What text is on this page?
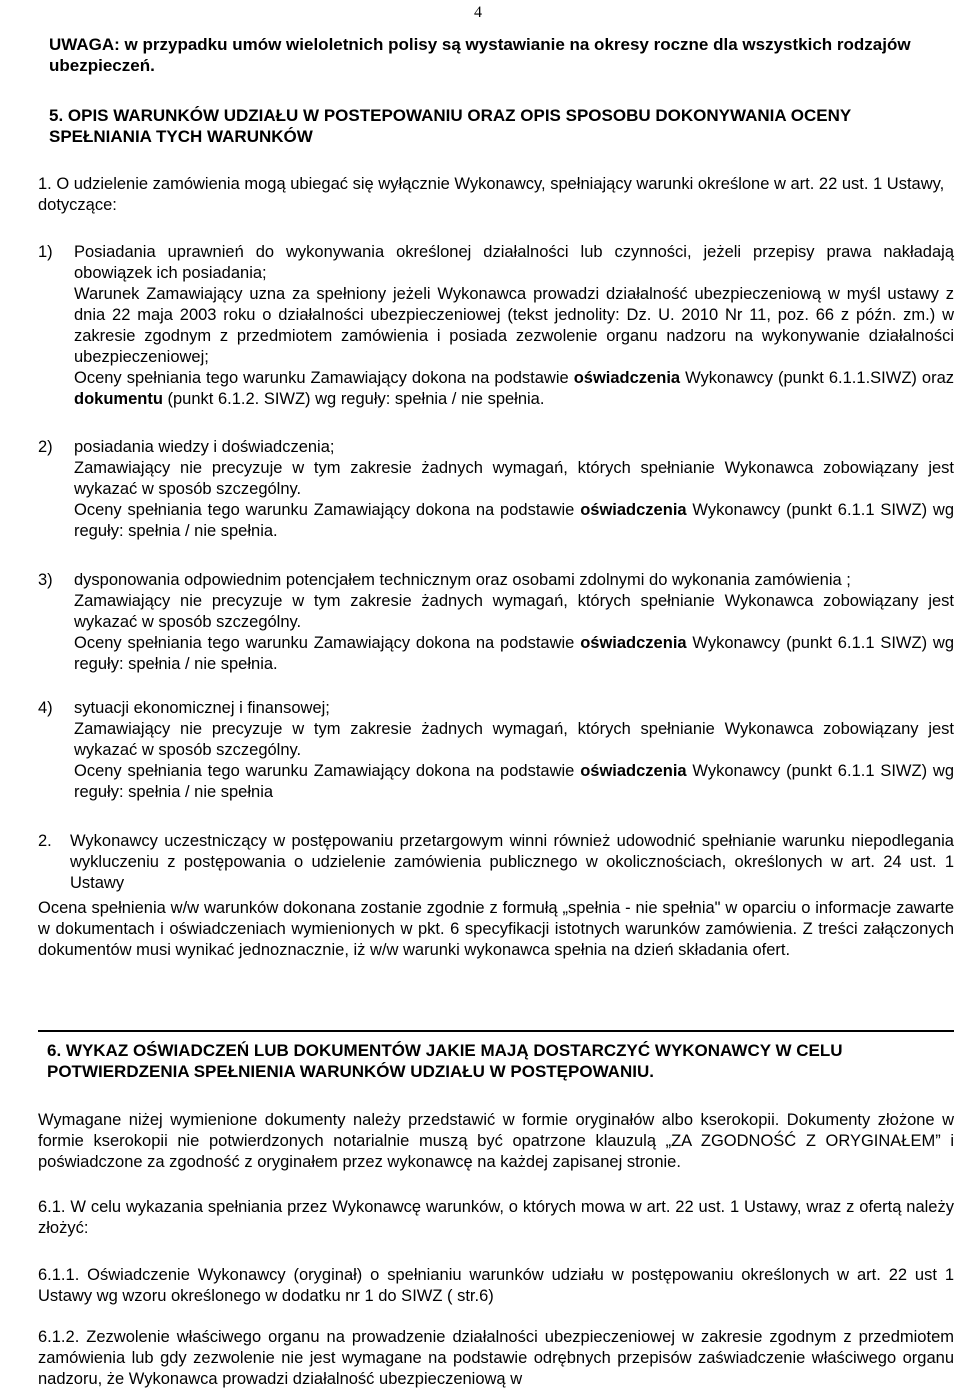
4
UWAGA: w przypadku umów wieloletnich polisy są wystawianie na okresy roczne dla wszystkich rodzajów ubezpieczeń.
5. OPIS WARUNKÓW UDZIAŁU W POSTEPOWANIU ORAZ OPIS SPOSOBU DOKONYWANIA OCENY SPEŁNIANIA TYCH WARUNKÓW
1. O udzielenie zamówienia mogą ubiegać się wyłącznie Wykonawcy, spełniający warunki określone w art. 22 ust. 1 Ustawy, dotyczące:
1) Posiadania uprawnień do wykonywania określonej działalności lub czynności, jeżeli przepisy prawa nakładają obowiązek ich posiadania;
Warunek Zamawiający uzna za spełniony jeżeli Wykonawca prowadzi działalność ubezpieczeniową w myśl ustawy z dnia 22 maja 2003 roku o działalności ubezpieczeniowej (tekst jednolity: Dz. U. 2010 Nr 11, poz. 66 z późn. zm.) w zakresie zgodnym z przedmiotem zamówienia i posiada zezwolenie organu nadzoru na wykonywanie działalności ubezpieczeniowej;
Oceny spełniania tego warunku Zamawiający dokona na podstawie oświadczenia Wykonawcy (punkt 6.1.1.SIWZ) oraz dokumentu (punkt 6.1.2. SIWZ) wg reguły: spełnia / nie spełnia.
2) posiadania wiedzy i doświadczenia;
Zamawiający nie precyzuje w tym zakresie żadnych wymagań, których spełnianie Wykonawca zobowiązany jest wykazać w sposób szczególny.
Oceny spełniania tego warunku Zamawiający dokona na podstawie oświadczenia Wykonawcy (punkt 6.1.1 SIWZ) wg reguły: spełnia / nie spełnia.
3) dysponowania odpowiednim potencjałem technicznym oraz osobami zdolnymi do wykonania zamówienia ;
Zamawiający nie precyzuje w tym zakresie żadnych wymagań, których spełnianie Wykonawca zobowiązany jest wykazać w sposób szczególny.
Oceny spełniania tego warunku Zamawiający dokona na podstawie oświadczenia Wykonawcy (punkt 6.1.1 SIWZ) wg reguły: spełnia / nie spełnia.
4) sytuacji ekonomicznej i finansowej;
Zamawiający nie precyzuje w tym zakresie żadnych wymagań, których spełnianie Wykonawca zobowiązany jest wykazać w sposób szczególny.
Oceny spełniania tego warunku Zamawiający dokona na podstawie oświadczenia Wykonawcy (punkt 6.1.1 SIWZ) wg reguły: spełnia / nie spełnia
2. Wykonawcy uczestniczący w postępowaniu przetargowym winni również udowodnić spełnianie warunku niepodlegania wykluczeniu z postępowania o udzielenie zamówienia publicznego w okolicznościach, określonych w art. 24 ust. 1 Ustawy
Ocena spełnienia w/w warunków dokonana zostanie zgodnie z formułą „spełnia - nie spełnia" w oparciu o informacje zawarte w dokumentach i oświadczeniach wymienionych w pkt. 6 specyfikacji istotnych warunków zamówienia. Z treści załączonych dokumentów musi wynikać jednoznacznie, iż w/w warunki wykonawca spełnia na dzień składania ofert.
6. WYKAZ OŚWIADCZEŃ LUB DOKUMENTÓW JAKIE MAJĄ DOSTARCZYĆ WYKONAWCY W CELU POTWIERDZENIA SPEŁNIENIA WARUNKÓW UDZIAŁU W POSTĘPOWANIU.
Wymagane niżej wymienione dokumenty należy przedstawić w formie oryginałów albo kserokopii. Dokumenty złożone w formie kserokopii nie potwierdzonych notarialnie muszą być opatrzone klauzulą „ZA ZGODNOŚĆ Z ORYGINAŁEM” i poświadczone za zgodność z oryginałem przez wykonawcę na każdej zapisanej stronie.
6.1. W celu wykazania spełniania przez Wykonawcę warunków, o których mowa w art. 22 ust. 1 Ustawy, wraz z ofertą należy złożyć:
6.1.1. Oświadczenie Wykonawcy (oryginał) o spełnianiu warunków udziału w postępowaniu określonych w art. 22 ust 1 Ustawy wg wzoru określonego w dodatku nr 1 do SIWZ ( str.6)
6.1.2. Zezwolenie właściwego organu na prowadzenie działalności ubezpieczeniowej w zakresie zgodnym z przedmiotem zamówienia lub gdy zezwolenie nie jest wymagane na podstawie odrębnych przepisów zaświadczenie właściwego organu nadzoru, że Wykonawca prowadzi działalność ubezpieczeniową w
